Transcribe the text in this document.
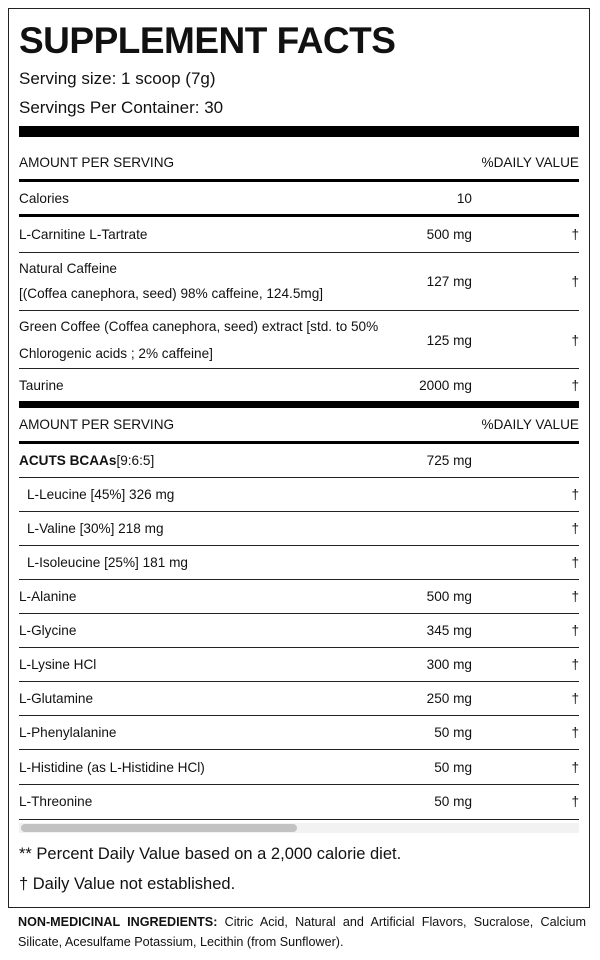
SUPPLEMENT FACTS
Serving size: 1 scoop (7g)
Servings Per Container: 30
AMOUNT PER SERVING	%DAILY VALUE
Calories	10
L-Carnitine L-Tartrate	500 mg	†
Natural Caffeine
[(Coffea canephora, seed) 98% caffeine, 124.5mg]
127 mg	†
Green Coffee (Coffea canephora, seed) extract [std. to 50%
Chlorogenic acids ; 2% caffeine]
125 mg	†
Taurine	2000 mg	†
AMOUNT PER SERVING	%DAILY VALUE
ACUTS BCAAs[9:6:5]	725 mg
L-Leucine [45%] 326 mg	†
L-Valine [30%] 218 mg	†
L-Isoleucine [25%] 181 mg	†
L-Alanine	500 mg	†
L-Glycine	345 mg	†
L-Lysine HCl	300 mg	†
L-Glutamine	250 mg	†
L-Phenylalanine	50 mg	†
L-Histidine (as L-Histidine HCl)	50 mg	†
L-Threonine	50 mg	†
** Percent Daily Value based on a 2,000 calorie diet.
† Daily Value not established.
NON-MEDICINAL INGREDIENTS: Citric Acid, Natural and Artificial Flavors, Sucralose, Calcium Silicate, Acesulfame Potassium, Lecithin (from Sunflower).
